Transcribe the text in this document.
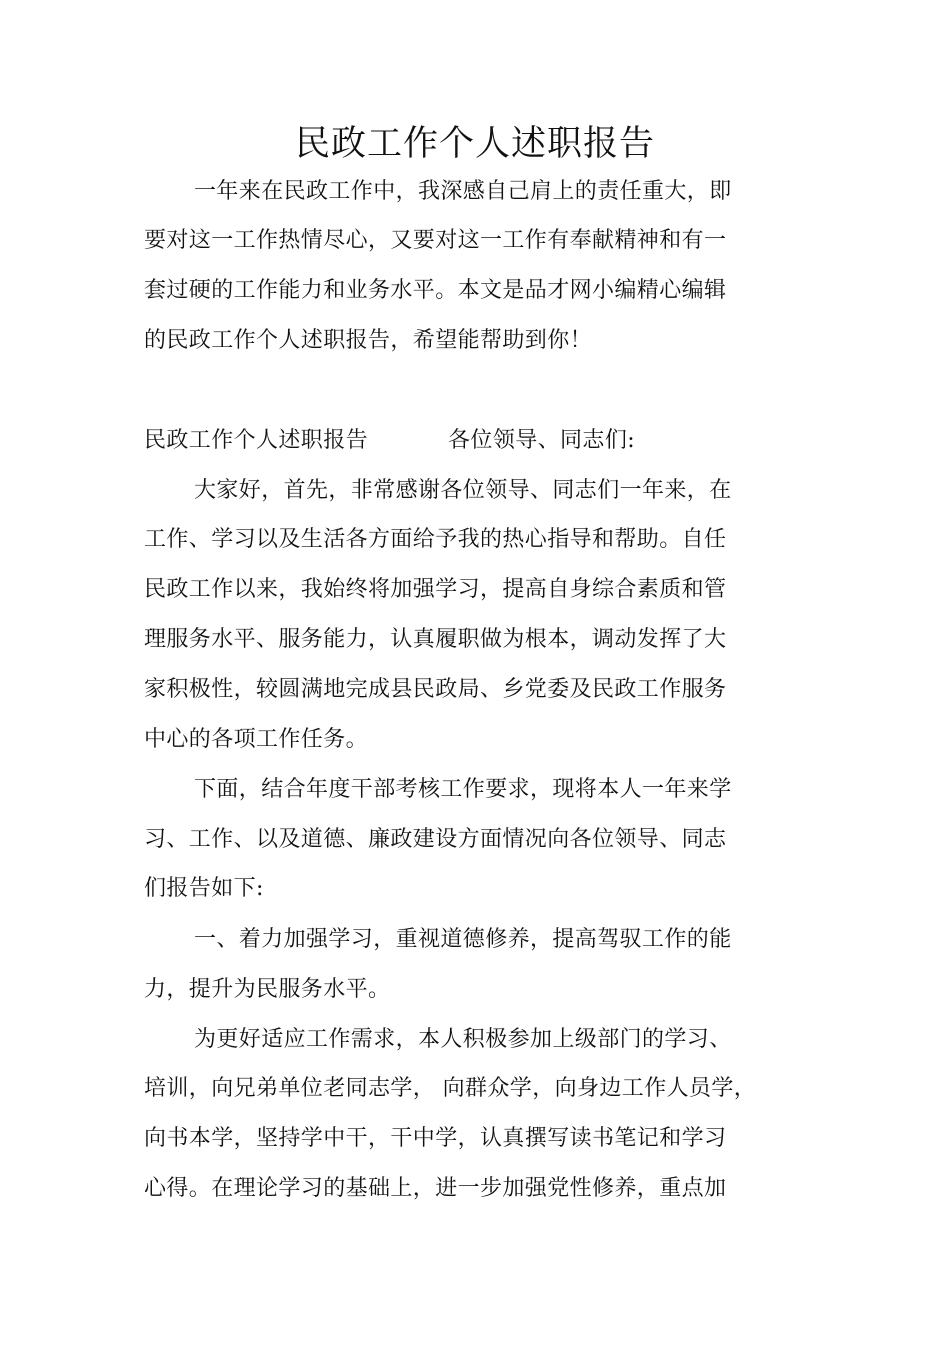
民政工作个人述职报告

一年来在民政工作中，我深感自己肩上的责任重大，即

要对这一工作热情尽心，又要对这一工作有奉献精神和有一

套过硬的工作能力和业务水平。本文是品才网小编精心编辑

的民政工作个人述职报告，希望能帮助到你！

民政工作个人述职报告	各位领导、同志们:

大家好，首先，非常感谢各位领导、同志们一年来，在

工作、学习以及生活各方面给予我的热心指导和帮助。自任

民政工作以来，我始终将加强学习，提高自身综合素质和管

理服务水平、服务能力，认真履职做为根本，调动发挥了大

家积极性，较圆满地完成县民政局、乡党委及民政工作服务

中心的各项工作任务。

下面，结合年度干部考核工作要求，现将本人一年来学

习、工作、以及道德、廉政建设方面情况向各位领导、同志

们报告如下:

一、着力加强学习，重视道德修养，提高驾驭工作的能

力，提升为民服务水平。

为更好适应工作需求，本人积极参加上级部门的学习、

培训，向兄弟单位老同志学， 向群众学，向身边工作人员学，

向书本学，坚持学中干，干中学，认真撰写读书笔记和学习

心得。在理论学习的基础上，进一步加强党性修养，重点加
